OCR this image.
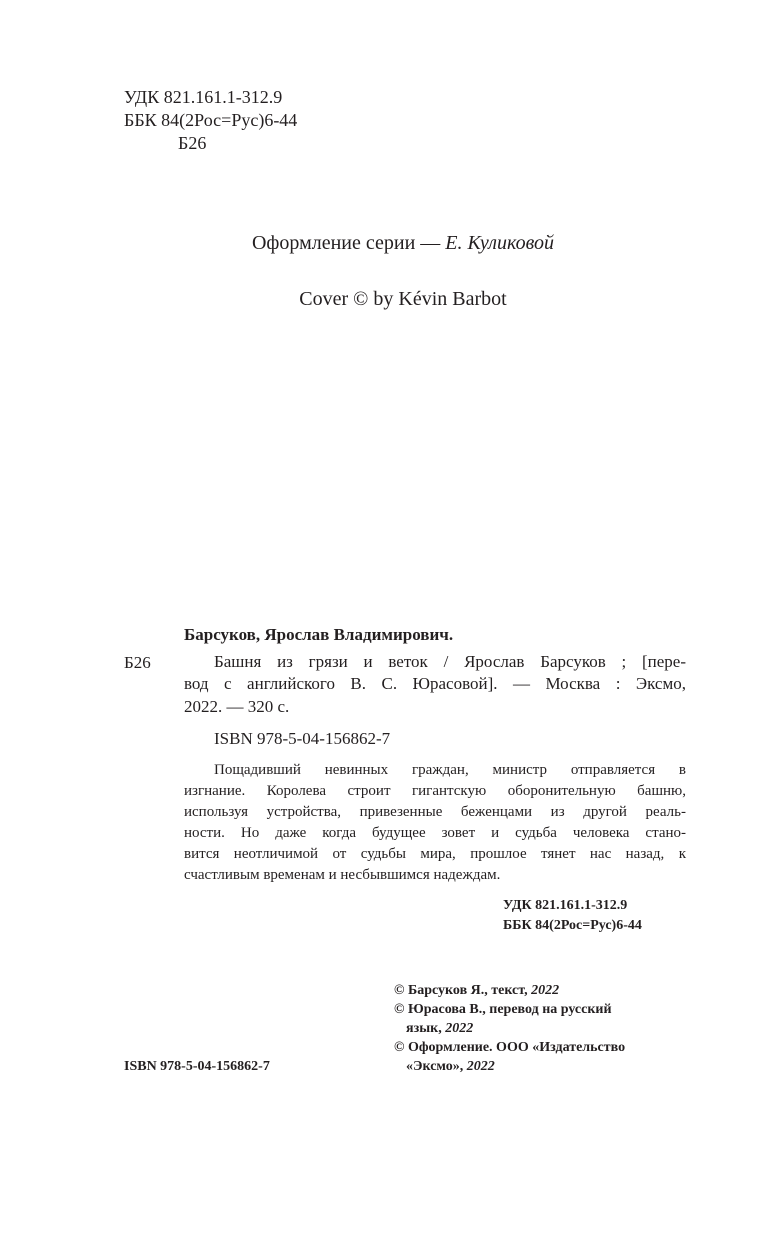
УДК 821.161.1-312.9
ББК 84(2Рос=Рус)6-44
Б26
Оформление серии — Е. Куликовой
Cover © by Kévin Barbot
Барсуков, Ярослав Владимирович.
Б26	Башня из грязи и веток / Ярослав Барсуков ; [пере-
вод с английского В. С. Юрасовой]. — Москва : Эксмо,
2022. — 320 с.
ISBN 978-5-04-156862-7
Пощадивший невинных граждан, министр отправляется в
изгнание. Королева строит гигантскую оборонительную башню,
используя устройства, привезенные беженцами из другой реаль-
ности. Но даже когда будущее зовет и судьба человека стано-
вится неотличимой от судьбы мира, прошлое тянет нас назад, к
счастливым временам и несбывшимся надеждам.
УДК 821.161.1-312.9
ББК 84(2Рос=Рус)6-44
© Барсуков Я., текст, 2022
© Юрасова В., перевод на русский
язык, 2022
© Оформление. ООО «Издательство
«Эксмо», 2022
ISBN 978-5-04-156862-7
